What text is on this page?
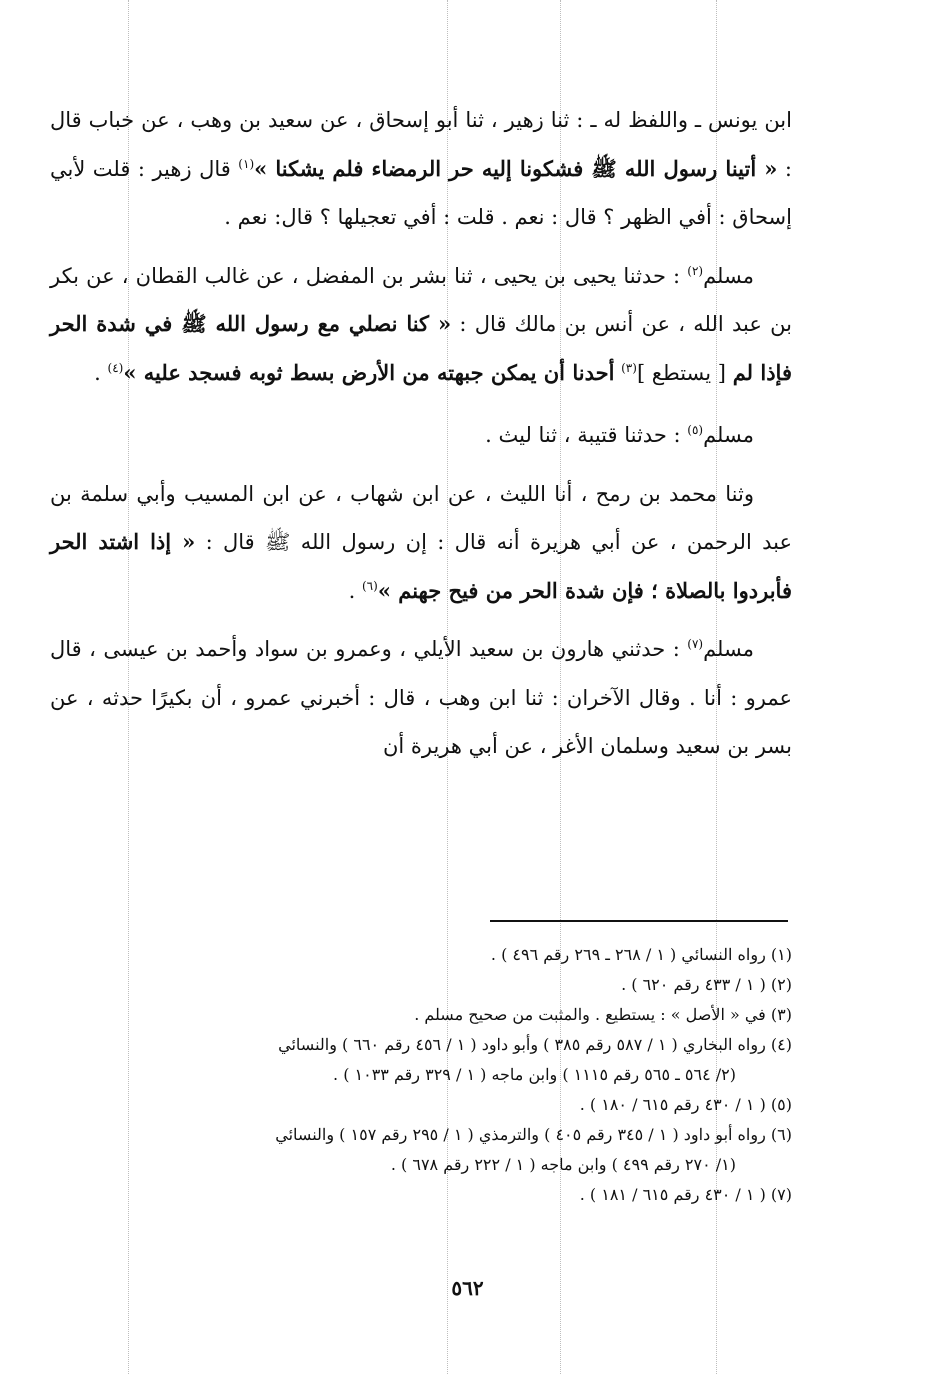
ابن يونس ـ واللفظ له ـ : ثنا زهير ، ثنا أبو إسحاق ، عن سعيد بن وهب ، عن خباب قال : « أتينا رسول الله ﷺ فشكونا إليه حر الرمضاء فلم يشكنا »$^{(١)}$ قال زهير : قلت لأبي إسحاق : أفي الظهر ؟ قال : نعم . قلت : أفي تعجيلها ؟ قال: نعم .

مسلم$^{(٢)}$ : حدثنا يحيى بن يحيى ، ثنا بشر بن المفضل ، عن غالب القطان ، عن بكر بن عبد الله ، عن أنس بن مالك قال : « كنا نصلي مع رسول الله ﷺ في شدة الحر فإذا لم [ يستطع ]$^{(٣)}$ أحدنا أن يمكن جبهته من الأرض بسط ثوبه فسجد عليه »$^{(٤)}$ .

مسلم$^{(٥)}$ : حدثنا قتيبة ، ثنا ليث .

وثنا محمد بن رمح ، أنا الليث ، عن ابن شهاب ، عن ابن المسيب وأبي سلمة بن عبد الرحمن ، عن أبي هريرة أنه قال : إن رسول الله ﷺ قال : « إذا اشتد الحر فأبردوا بالصلاة ؛ فإن شدة الحر من فيح جهنم »$^{(٦)}$ .

مسلم$^{(٧)}$ : حدثني هارون بن سعيد الأيلي ، وعمرو بن سواد وأحمد بن عيسى ، قال عمرو : أنا . وقال الآخران : ثنا ابن وهب ، قال : أخبرني عمرو ، أن بكيرًا حدثه ، عن بسر بن سعيد وسلمان الأغر ، عن أبي هريرة أن

(١) رواه النسائي ( ١ / ٢٦٨ ـ ٢٦٩ رقم ٤٩٦ ) .

(٢) ( ١ / ٤٣٣ رقم ٦٢٠ ) .

(٣) في « الأصل » : يستطيع . والمثبت من صحيح مسلم .

(٤) رواه البخاري ( ١ / ٥٨٧ رقم ٣٨٥ ) وأبو داود ( ١ / ٤٥٦ رقم ٦٦٠ ) والنسائي

(٢/ ٥٦٤ ـ ٥٦٥ رقم ١١١٥ ) وابن ماجه ( ١ / ٣٢٩ رقم ١٠٣٣ ) .

(٥) ( ١ / ٤٣٠ رقم ٦١٥ / ١٨٠ ) .

(٦) رواه أبو داود ( ١ / ٣٤٥ رقم ٤٠٥ ) والترمذي ( ١ / ٢٩٥ رقم ١٥٧ ) والنسائي

(١/ ٢٧٠ رقم ٤٩٩ ) وابن ماجه ( ١ / ٢٢٢ رقم ٦٧٨ ) .

(٧) ( ١ / ٤٣٠ رقم ٦١٥ / ١٨١ ) .

٥٦٢
